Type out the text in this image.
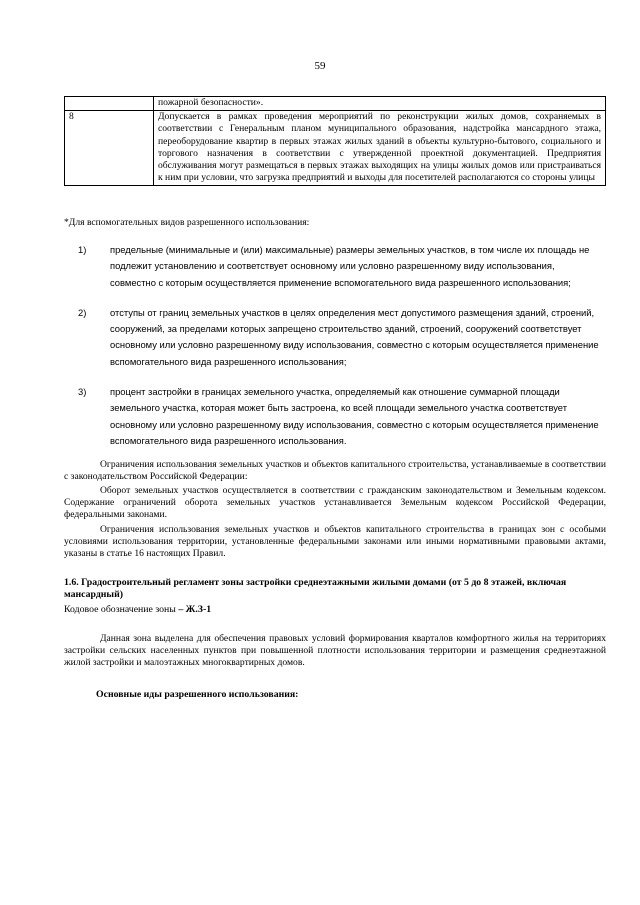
59
	пожарной безопасности».
8	Допускается в рамках проведения мероприятий по реконструкции жилых домов, сохраняемых в соответствии с Генеральным планом муниципального образования, надстройка мансардного этажа, переоборудование квартир в первых этажах жилых зданий в объекты культурно-бытового, социального и торгового назначения в соответствии с утвержденной проектной документацией. Предприятия обслуживания могут размещаться в первых этажах выходящих на улицы жилых домов или пристраиваться к ним при условии, что загрузка предприятий и выходы для посетителей располагаются со стороны улицы
*Для вспомогательных видов разрешенного использования:
1)	предельные (минимальные и (или) максимальные) размеры земельных участков, в том числе их площадь не подлежит установлению и соответствует основному или условно разрешенному виду использования, совместно с которым осуществляется применение вспомогательного вида разрешенного использования;
2)	отступы от границ земельных участков в целях определения мест допустимого размещения зданий, строений, сооружений, за пределами которых запрещено строительство зданий, строений, сооружений соответствует основному или условно разрешенному виду использования, совместно с которым осуществляется применение вспомогательного вида разрешенного использования;
3)	процент застройки в границах земельного участка, определяемый как отношение суммарной площади земельного участка, которая может быть застроена, ко всей площади земельного участка соответствует основному или условно разрешенному виду использования, совместно с которым осуществляется применение вспомогательного вида разрешенного использования.
Ограничения использования земельных участков и объектов капитального строительства, устанавливаемые в соответствии с законодательством Российской Федерации:
Оборот земельных участков осуществляется в соответствии с гражданским законодательством и Земельным кодексом. Содержание ограничений оборота земельных участков устанавливается Земельным кодексом Российской Федерации, федеральными законами.
Ограничения использования земельных участков и объектов капитального строительства в границах зон с особыми условиями использования территории, установленные федеральными законами или иными нормативными правовыми актами, указаны в статье 16 настоящих Правил.
1.6. Градостроительный регламент зоны застройки среднеэтажными жилыми домами (от 5 до 8 этажей, включая мансардный)
Кодовое обозначение зоны – Ж.З-1
Данная зона выделена для обеспечения правовых условий формирования кварталов комфортного жилья на территориях застройки сельских населенных пунктов при повышенной плотности использования территории и размещения среднеэтажной жилой застройки и малоэтажных многоквартирных домов.
Основные иды разрешенного использования:
